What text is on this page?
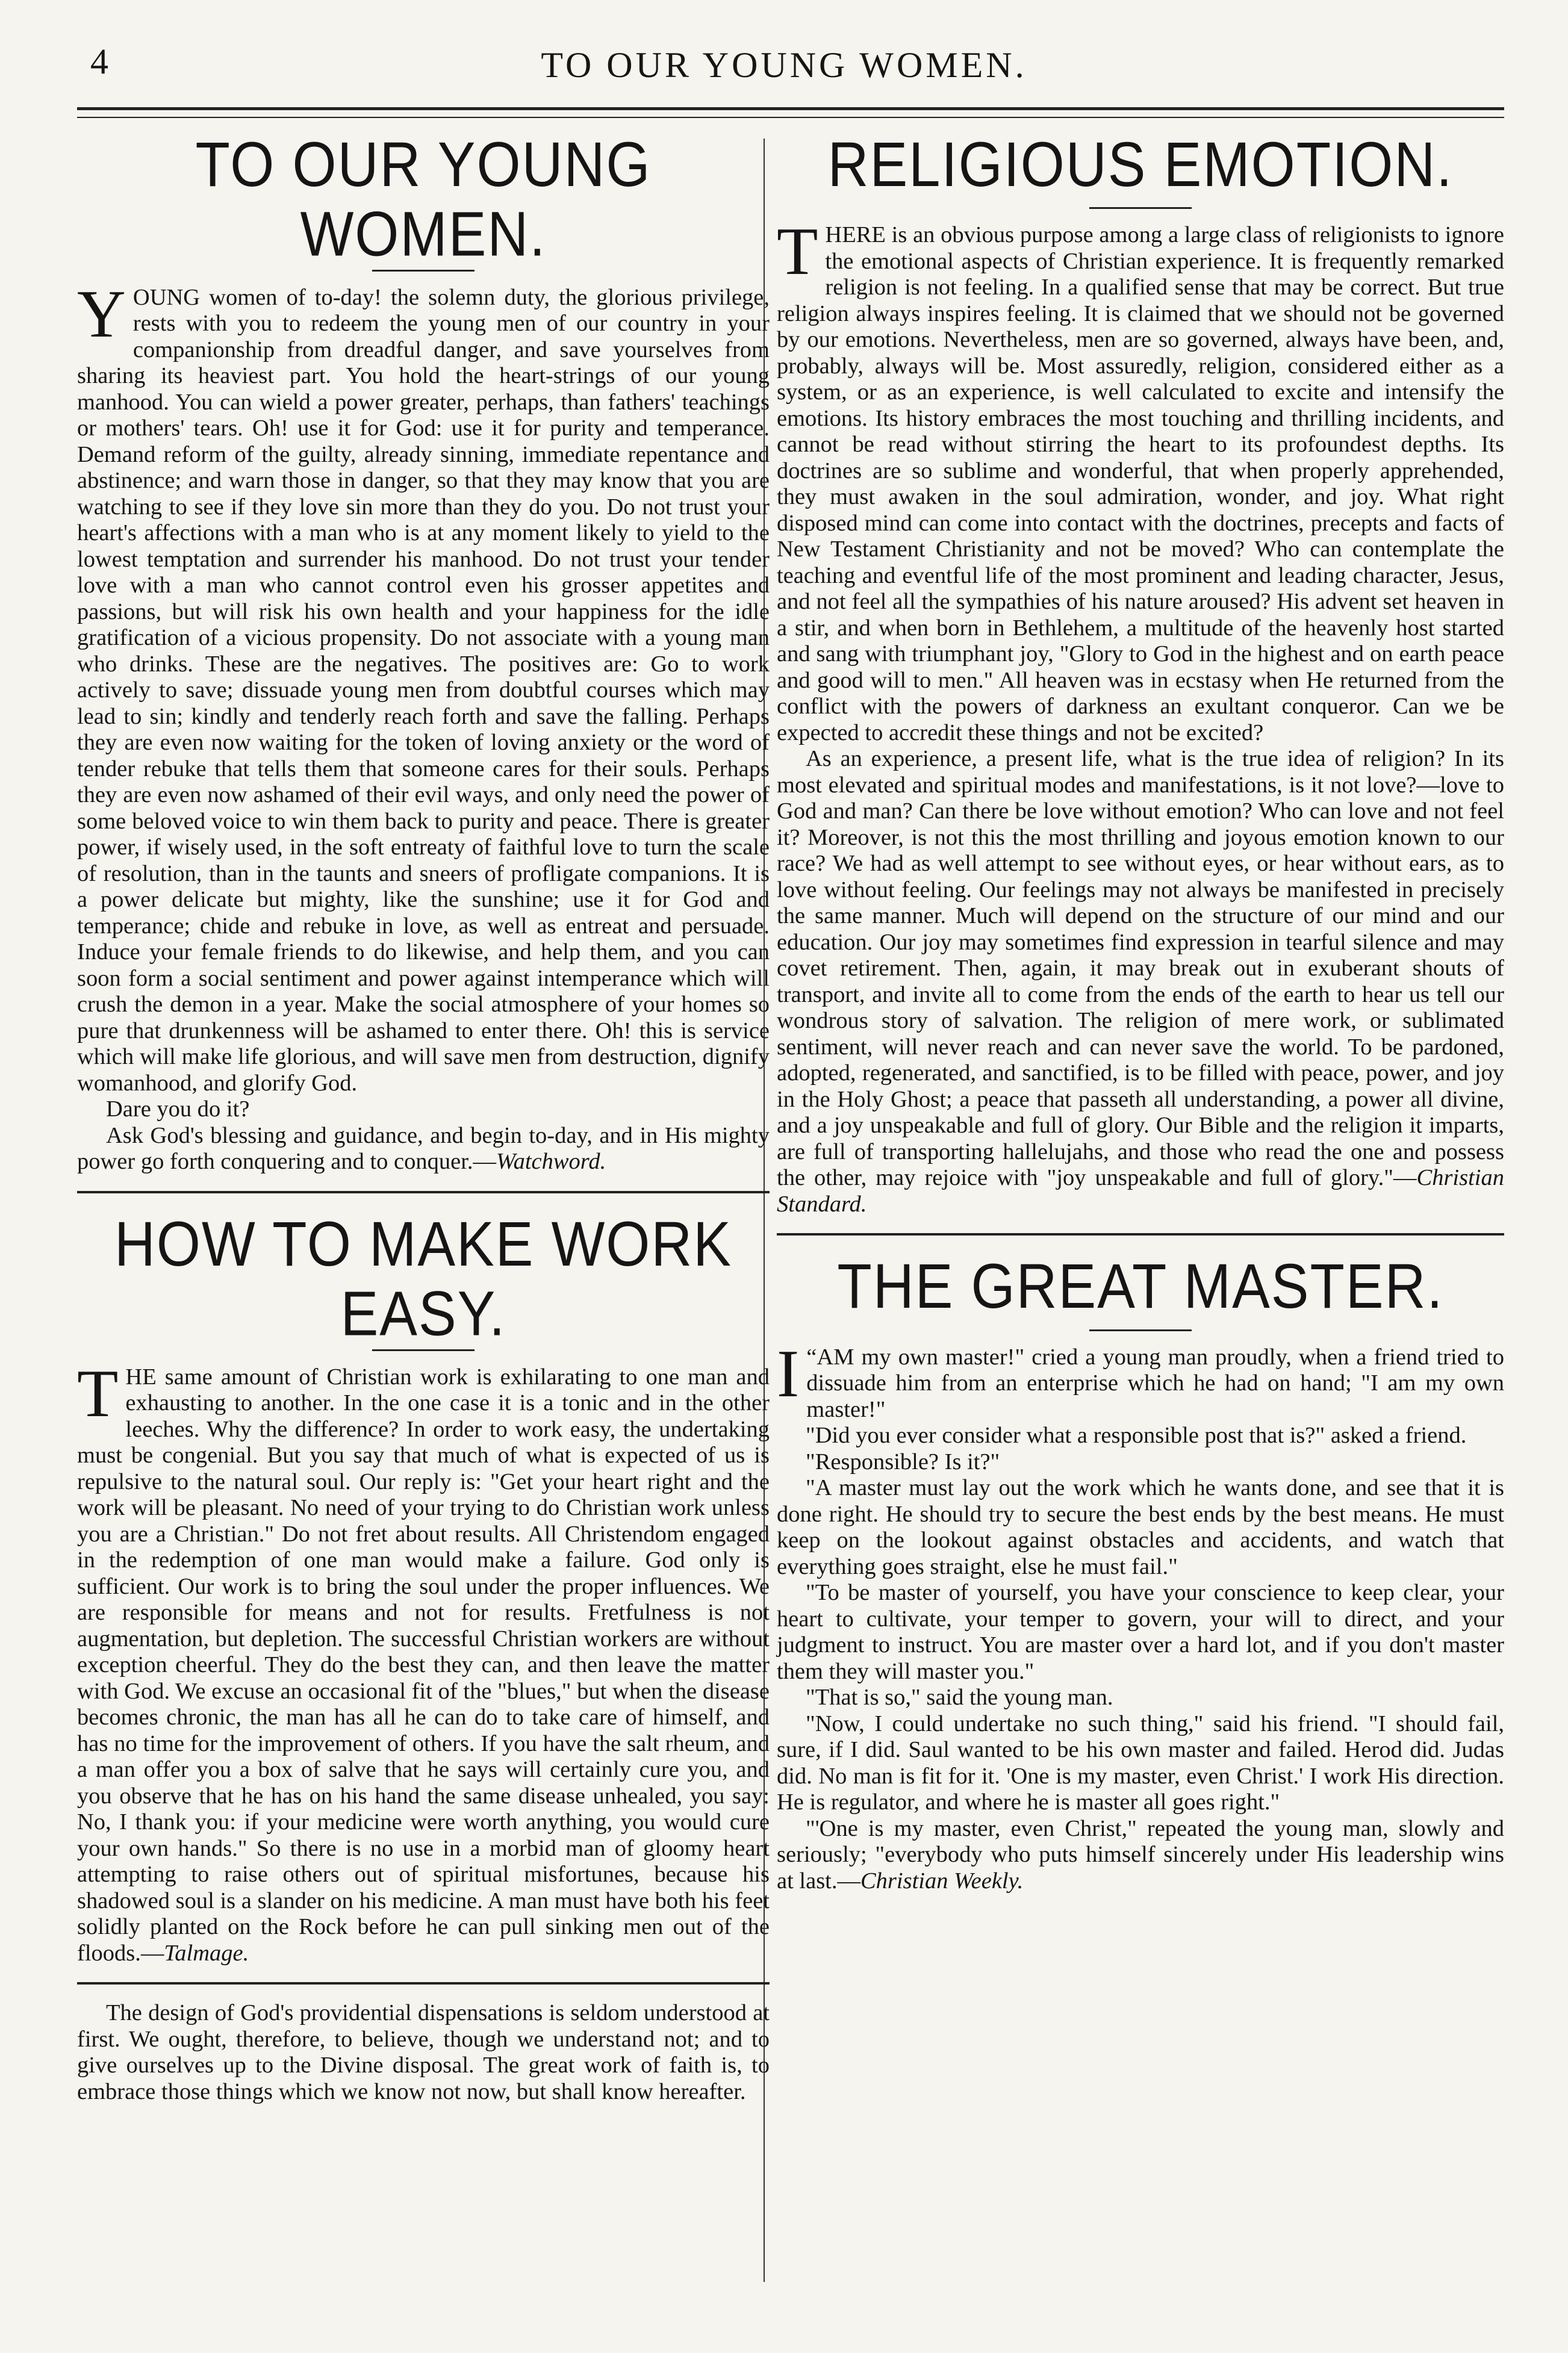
4	TO OUR YOUNG WOMEN.
TO OUR YOUNG WOMEN.

YOUNG women of to-day! the solemn duty, the glorious privilege, rests with you to redeem the young men of our country in your companionship from dreadful danger, and save yourselves from sharing its heaviest part. You hold the heart-strings of our young manhood. You can wield a power greater, perhaps, than fathers' teachings or mothers' tears. Oh! use it for God: use it for purity and temperance. Demand reform of the guilty, already sinning, immediate repentance and abstinence; and warn those in danger, so that they may know that you are watching to see if they love sin more than they do you. Do not trust your heart's affections with a man who is at any moment likely to yield to the lowest temptation and surrender his manhood. Do not trust your tender love with a man who cannot control even his grosser appetites and passions, but will risk his own health and your happiness for the idle gratification of a vicious propensity. Do not associate with a young man who drinks. These are the negatives. The positives are: Go to work actively to save; dissuade young men from doubtful courses which may lead to sin; kindly and tenderly reach forth and save the falling. Perhaps they are even now waiting for the token of loving anxiety or the word of tender rebuke that tells them that someone cares for their souls. Perhaps they are even now ashamed of their evil ways, and only need the power of some beloved voice to win them back to purity and peace. There is greater power, if wisely used, in the soft entreaty of faithful love to turn the scale of resolution, than in the taunts and sneers of profligate companions. It is a power delicate but mighty, like the sunshine; use it for God and temperance; chide and rebuke in love, as well as entreat and persuade. Induce your female friends to do likewise, and help them, and you can soon form a social sentiment and power against intemperance which will crush the demon in a year. Make the social atmosphere of your homes so pure that drunkenness will be ashamed to enter there. Oh! this is service which will make life glorious, and will save men from destruction, dignify womanhood, and glorify God.

Dare you do it?

Ask God's blessing and guidance, and begin to-day, and in His mighty power go forth conquering and to conquer.—Watchword.

HOW TO MAKE WORK EASY.

THE same amount of Christian work is exhilarating to one man and exhausting to another. In the one case it is a tonic and in the other leeches. Why the difference? In order to work easy, the undertaking must be congenial. But you say that much of what is expected of us is repulsive to the natural soul. Our reply is: "Get your heart right and the work will be pleasant. No need of your trying to do Christian work unless you are a Christian." Do not fret about results. All Christendom engaged in the redemption of one man would make a failure. God only is sufficient. Our work is to bring the soul under the proper influences. We are responsible for means and not for results. Fretfulness is not augmentation, but depletion. The successful Christian workers are without exception cheerful. They do the best they can, and then leave the matter with God. We excuse an occasional fit of the "blues," but when the disease becomes chronic, the man has all he can do to take care of himself, and has no time for the improvement of others. If you have the salt rheum, and a man offer you a box of salve that he says will certainly cure you, and you observe that he has on his hand the same disease unhealed, you say: No, I thank you: if your medicine were worth anything, you would cure your own hands." So there is no use in a morbid man of gloomy heart attempting to raise others out of spiritual misfortunes, because his shadowed soul is a slander on his medicine. A man must have both his feet solidly planted on the Rock before he can pull sinking men out of the floods.—Talmage.

The design of God's providential dispensations is seldom understood at first. We ought, therefore, to believe, though we understand not; and to give ourselves up to the Divine disposal. The great work of faith is, to embrace those things which we know not now, but shall know hereafter.

RELIGIOUS EMOTION.

THERE is an obvious purpose among a large class of religionists to ignore the emotional aspects of Christian experience. It is frequently remarked religion is not feeling. In a qualified sense that may be correct. But true religion always inspires feeling. It is claimed that we should not be governed by our emotions. Nevertheless, men are so governed, always have been, and, probably, always will be. Most assuredly, religion, considered either as a system, or as an experience, is well calculated to excite and intensify the emotions. Its history embraces the most touching and thrilling incidents, and cannot be read without stirring the heart to its profoundest depths. Its doctrines are so sublime and wonderful, that when properly apprehended, they must awaken in the soul admiration, wonder, and joy. What right disposed mind can come into contact with the doctrines, precepts and facts of New Testament Christianity and not be moved? Who can contemplate the teaching and eventful life of the most prominent and leading character, Jesus, and not feel all the sympathies of his nature aroused? His advent set heaven in a stir, and when born in Bethlehem, a multitude of the heavenly host started and sang with triumphant joy, "Glory to God in the highest and on earth peace and good will to men." All heaven was in ecstasy when He returned from the conflict with the powers of darkness an exultant conqueror. Can we be expected to accredit these things and not be excited?

As an experience, a present life, what is the true idea of religion? In its most elevated and spiritual modes and manifestations, is it not love?—love to God and man? Can there be love without emotion? Who can love and not feel it? Moreover, is not this the most thrilling and joyous emotion known to our race? We had as well attempt to see without eyes, or hear without ears, as to love without feeling. Our feelings may not always be manifested in precisely the same manner. Much will depend on the structure of our mind and our education. Our joy may sometimes find expression in tearful silence and may covet retirement. Then, again, it may break out in exuberant shouts of transport, and invite all to come from the ends of the earth to hear us tell our wondrous story of salvation. The religion of mere work, or sublimated sentiment, will never reach and can never save the world. To be pardoned, adopted, regenerated, and sanctified, is to be filled with peace, power, and joy in the Holy Ghost; a peace that passeth all understanding, a power all divine, and a joy unspeakable and full of glory. Our Bible and the religion it imparts, are full of transporting hallelujahs, and those who read the one and possess the other, may rejoice with "joy unspeakable and full of glory."—Christian Standard.

THE GREAT MASTER.

“
I AM my own master!" cried a young man proudly, when a friend tried to dissuade him from an enterprise which he had on hand; "I am my own master!"

"Did you ever consider what a responsible post that is?" asked a friend.

"Responsible? Is it?"

"A master must lay out the work which he wants done, and see that it is done right. He should try to secure the best ends by the best means. He must keep on the lookout against obstacles and accidents, and watch that everything goes straight, else he must fail."

"To be master of yourself, you have your conscience to keep clear, your heart to cultivate, your temper to govern, your will to direct, and your judgment to instruct. You are master over a hard lot, and if you don't master them they will master you."

"That is so," said the young man.

"Now, I could undertake no such thing," said his friend. "I should fail, sure, if I did. Saul wanted to be his own master and failed. Herod did. Judas did. No man is fit for it. 'One is my master, even Christ.' I work His direction. He is regulator, and where he is master all goes right."

"'One is my master, even Christ," repeated the young man, slowly and seriously; "everybody who puts himself sincerely under His leadership wins at last.—Christian Weekly.
